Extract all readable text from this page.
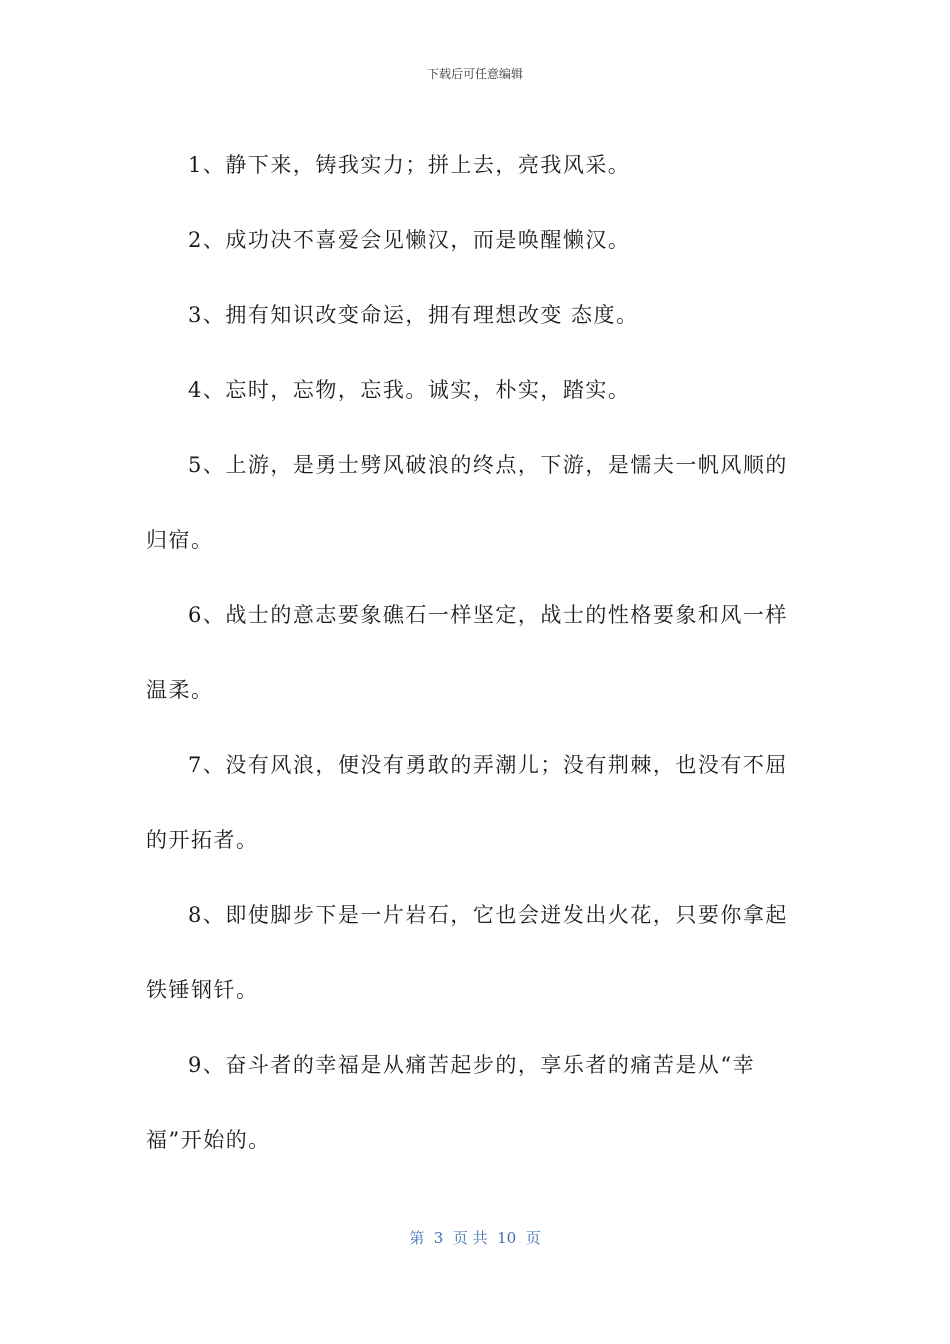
下载后可任意编辑

1、静下来，铸我实力；拼上去，亮我风采。

2、成功决不喜爱会见懒汉，而是唤醒懒汉。

3、拥有知识改变命运，拥有理想改变 态度。

4、忘时，忘物，忘我。诚实，朴实，踏实。

5、上游，是勇士劈风破浪的终点，下游，是懦夫一帆风顺的归宿。

6、战士的意志要象礁石一样坚定，战士的性格要象和风一样温柔。

7、没有风浪，便没有勇敢的弄潮儿；没有荆棘，也没有不屈的开拓者。

8、即使脚步下是一片岩石，它也会迸发出火花，只要你拿起铁锤钢钎。

9、奋斗者的幸福是从痛苦起步的，享乐者的痛苦是从“幸福”开始的。

第  3  页 共  10  页
